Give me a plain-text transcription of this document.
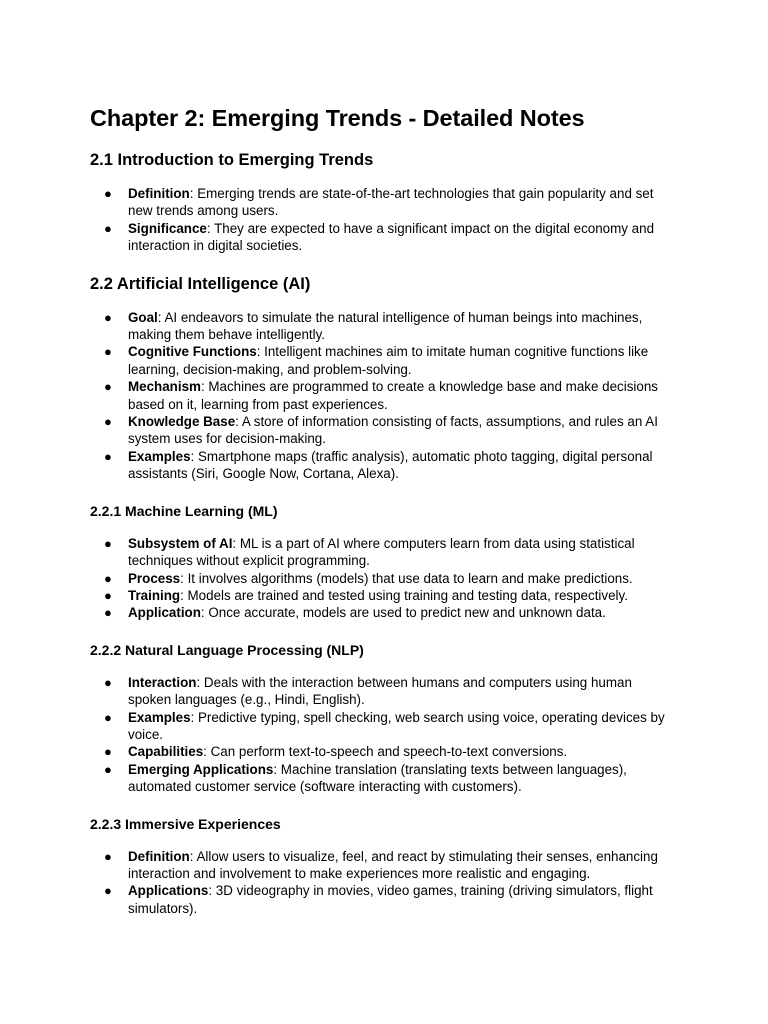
Chapter 2: Emerging Trends - Detailed Notes
2.1 Introduction to Emerging Trends
● Definition: Emerging trends are state-of-the-art technologies that gain popularity and set new trends among users.
● Significance: They are expected to have a significant impact on the digital economy and interaction in digital societies.
2.2 Artificial Intelligence (AI)
● Goal: AI endeavors to simulate the natural intelligence of human beings into machines, making them behave intelligently.
● Cognitive Functions: Intelligent machines aim to imitate human cognitive functions like learning, decision-making, and problem-solving.
● Mechanism: Machines are programmed to create a knowledge base and make decisions based on it, learning from past experiences.
● Knowledge Base: A store of information consisting of facts, assumptions, and rules an AI system uses for decision-making.
● Examples: Smartphone maps (traffic analysis), automatic photo tagging, digital personal assistants (Siri, Google Now, Cortana, Alexa).
2.2.1 Machine Learning (ML)
● Subsystem of AI: ML is a part of AI where computers learn from data using statistical techniques without explicit programming.
● Process: It involves algorithms (models) that use data to learn and make predictions.
● Training: Models are trained and tested using training and testing data, respectively.
● Application: Once accurate, models are used to predict new and unknown data.
2.2.2 Natural Language Processing (NLP)
● Interaction: Deals with the interaction between humans and computers using human spoken languages (e.g., Hindi, English).
● Examples: Predictive typing, spell checking, web search using voice, operating devices by voice.
● Capabilities: Can perform text-to-speech and speech-to-text conversions.
● Emerging Applications: Machine translation (translating texts between languages), automated customer service (software interacting with customers).
2.2.3 Immersive Experiences
● Definition: Allow users to visualize, feel, and react by stimulating their senses, enhancing interaction and involvement to make experiences more realistic and engaging.
● Applications: 3D videography in movies, video games, training (driving simulators, flight simulators).
